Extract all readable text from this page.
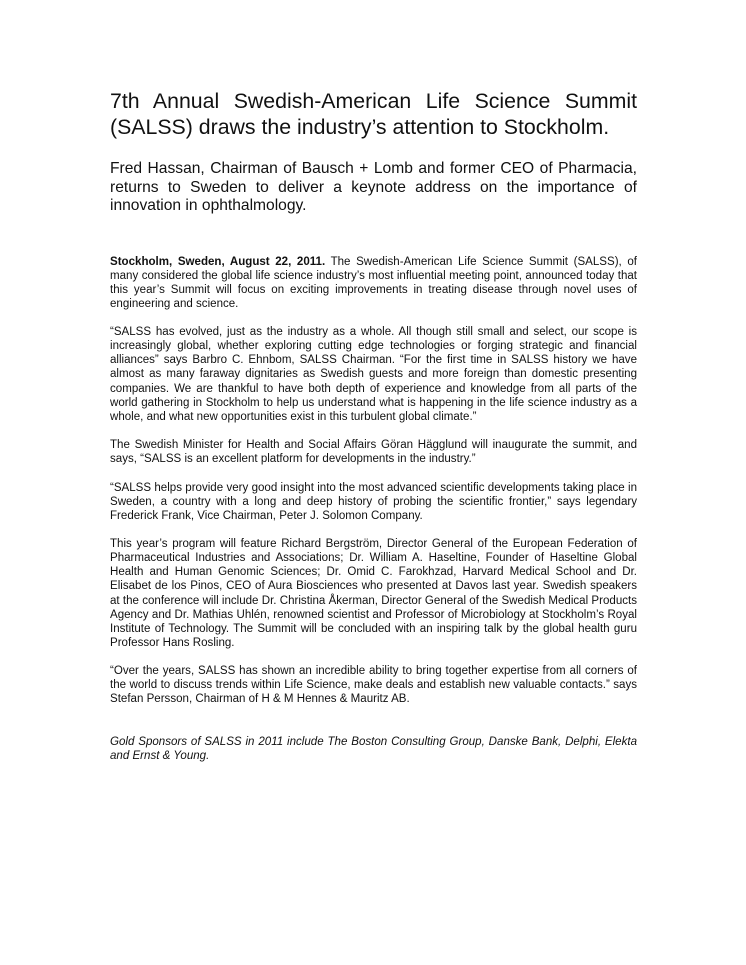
7th Annual Swedish-American Life Science Summit (SALSS) draws the industry’s attention to Stockholm.
Fred Hassan, Chairman of Bausch + Lomb and former CEO of Pharmacia, returns to Sweden to deliver a keynote address on the importance of innovation in ophthalmology.

Stockholm, Sweden, August 22, 2011. The Swedish-American Life Science Summit (SALSS), of many considered the global life science industry’s most influential meeting point, announced today that this year’s Summit will focus on exciting improvements in treating disease through novel uses of engineering and science.

“SALSS has evolved, just as the industry as a whole. All though still small and select, our scope is increasingly global, whether exploring cutting edge technologies or forging strategic and financial alliances” says Barbro C. Ehnbom, SALSS Chairman. “For the first time in SALSS history we have almost as many faraway dignitaries as Swedish guests and more foreign than domestic presenting companies. We are thankful to have both depth of experience and knowledge from all parts of the world gathering in Stockholm to help us understand what is happening in the life science industry as a whole, and what new opportunities exist in this turbulent global climate.”

The Swedish Minister for Health and Social Affairs Göran Hägglund will inaugurate the summit, and says, “SALSS is an excellent platform for developments in the industry.”

“SALSS helps provide very good insight into the most advanced scientific developments taking place in Sweden, a country with a long and deep history of probing the scientific frontier,” says legendary Frederick Frank, Vice Chairman, Peter J. Solomon Company.

This year’s program will feature Richard Bergström, Director General of the European Federation of Pharmaceutical Industries and Associations; Dr. William A. Haseltine, Founder of Haseltine Global Health and Human Genomic Sciences; Dr. Omid C. Farokhzad, Harvard Medical School and Dr. Elisabet de los Pinos, CEO of Aura Biosciences who presented at Davos last year. Swedish speakers at the conference will include Dr. Christina Åkerman, Director General of the Swedish Medical Products Agency and Dr. Mathias Uhlén, renowned scientist and Professor of Microbiology at Stockholm’s Royal Institute of Technology. The Summit will be concluded with an inspiring talk by the global health guru Professor Hans Rosling.

“Over the years, SALSS has shown an incredible ability to bring together expertise from all corners of the world to discuss trends within Life Science, make deals and establish new valuable contacts.” says Stefan Persson, Chairman of H & M Hennes & Mauritz AB.

Gold Sponsors of SALSS in 2011 include The Boston Consulting Group, Danske Bank, Delphi, Elekta and Ernst & Young.
